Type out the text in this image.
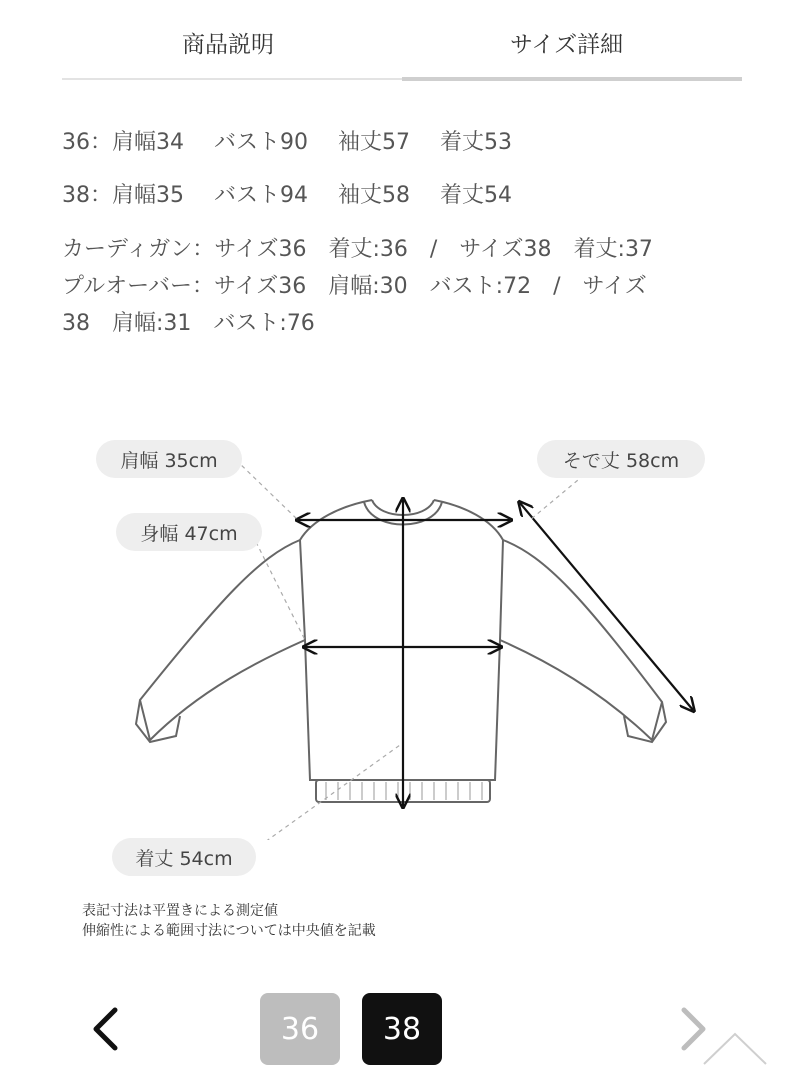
商品説明	サイズ詳細
36：肩幅34 バスト90 袖丈57 着丈53
38：肩幅35 バスト94 袖丈58 着丈54
カーディガン：サイズ36　着丈:36　/　サイズ38　着丈:37
プルオーバー：サイズ36　肩幅:30　バスト:72　/　サイズ
38　肩幅:31　バスト:76
肩幅 35cm
身幅 47cm
そで丈 58cm
着丈 54cm
表記寸法は平置きによる測定値
伸縮性による範囲寸法については中央値を記載
36	38
